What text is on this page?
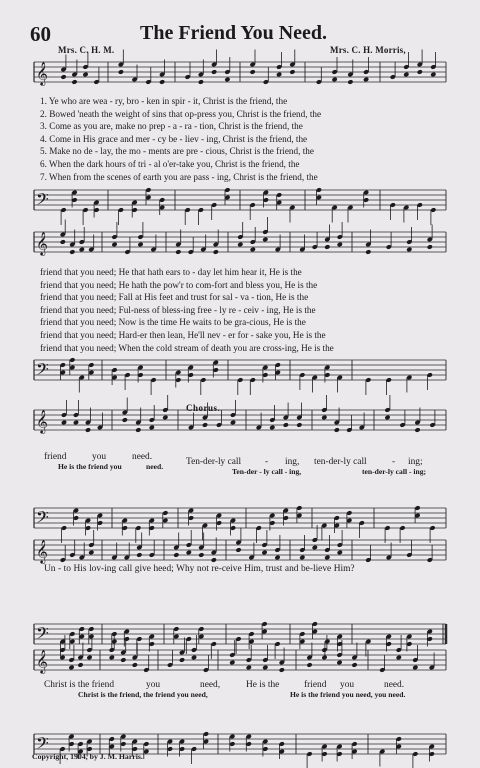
60	The Friend You Need.
Mrs. C. H. M.	Mrs. C. H. Morris,
𝄞
𝄢
𝄞
𝄢
𝄞
𝄢
𝄞
𝄢
𝄞
𝄢
1. Ye who are wea - ry, bro - ken in spir - it, Christ is the friend, the
2. Bowed 'neath the weight of sins that op-press you, Christ is the friend, the
3. Come as you are, make no prep - a - ra - tion, Christ is the friend, the
4. Come in His grace and mer - cy be - liev - ing, Christ is the friend, the
5. Make no de - lay, the mo - ments are pre - cious, Christ is the friend, the
6. When the dark hours of tri - al o'er-take you, Christ is the friend, the
7. When from the scenes of earth you are pass - ing, Christ is the friend, the
friend that you need; He that hath ears to - day let him hear it, He is the
friend that you need; He hath the pow'r to com-fort and bless you, He is the
friend that you need; Fall at His feet and trust for sal - va - tion, He is the
friend that you need; Ful-ness of bless-ing free - ly re - ceiv - ing, He is the
friend that you need; Now is the time He waits to be gra-cious, He is the
friend that you need; Hard-er then lean, He'll nev - er for - sake you, He is the
friend that you need; When the cold stream of death you are cross-ing, He is the
Chorus.
friend	you	need.	Ten-der-ly call	- ing, ten-der-ly call	- ing;
He is the friend you	need.
Ten-der - ly call - ing,	ten-der-ly call - ing;
Un - to His lov-ing call give heed; Why not re-ceive Him, trust and be-lieve Him?
Christ is the friend	you	need,	He is the	friend you	need.
Christ is the friend, the friend you need,	He is the friend you need, you need.
Copyright, 1904, by J. M. Harris.
